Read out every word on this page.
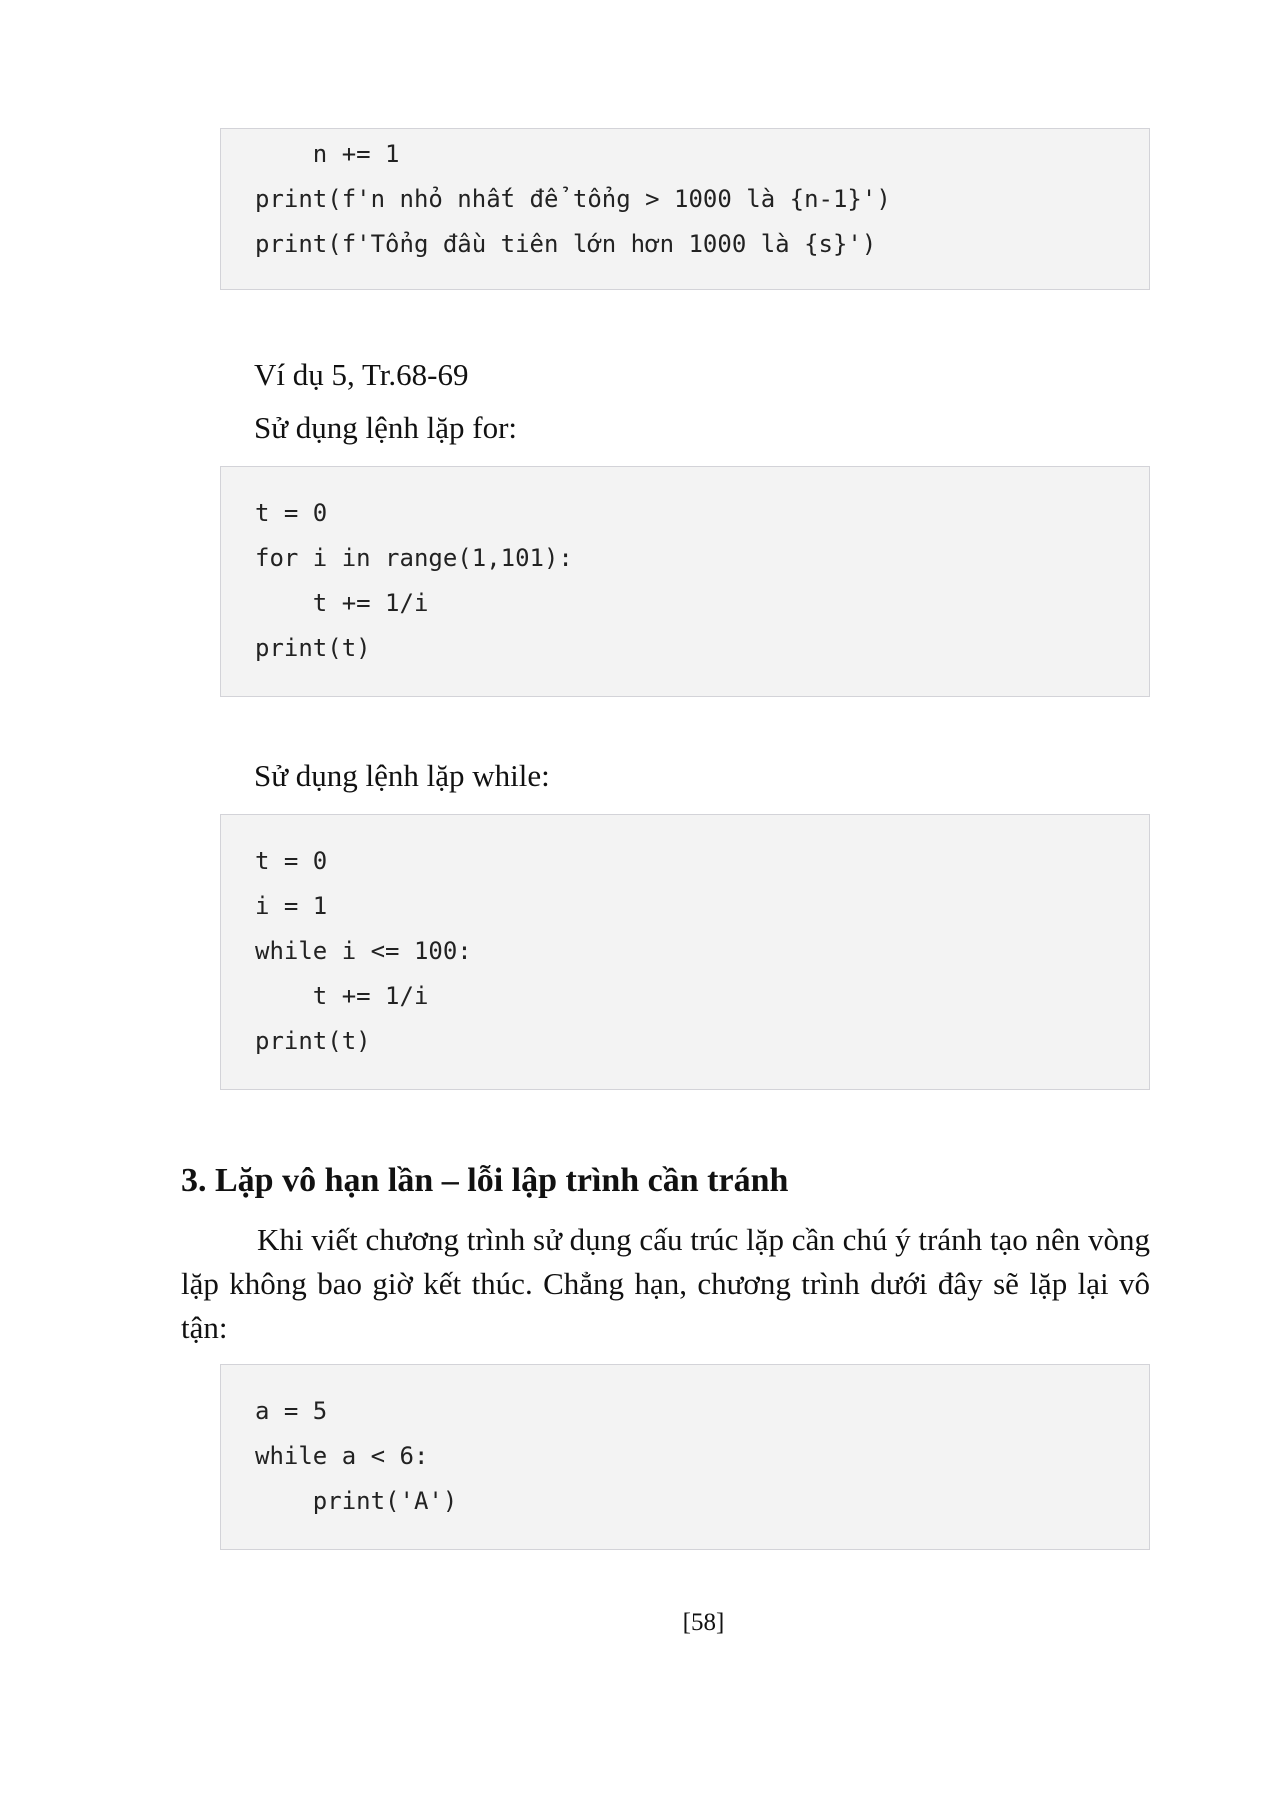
n += 1
print(f'n nhỏ nhất để tổng > 1000 là {n-1}')
print(f'Tổng đầu tiên lớn hơn 1000 là {s}')
Ví dụ 5, Tr.68-69
Sử dụng lệnh lặp for:
t = 0
for i in range(1,101):
t += 1/i
print(t)
Sử dụng lệnh lặp while:
t = 0
i = 1
while i <= 100:
t += 1/i
print(t)
3. Lặp vô hạn lần – lỗi lập trình cần tránh
Khi viết chương trình sử dụng cấu trúc lặp cần chú ý tránh tạo nên vòng lặp không bao giờ kết thúc. Chẳng hạn, chương trình dưới đây sẽ lặp lại vô tận:
a = 5
while a < 6:
print('A')
[58]
